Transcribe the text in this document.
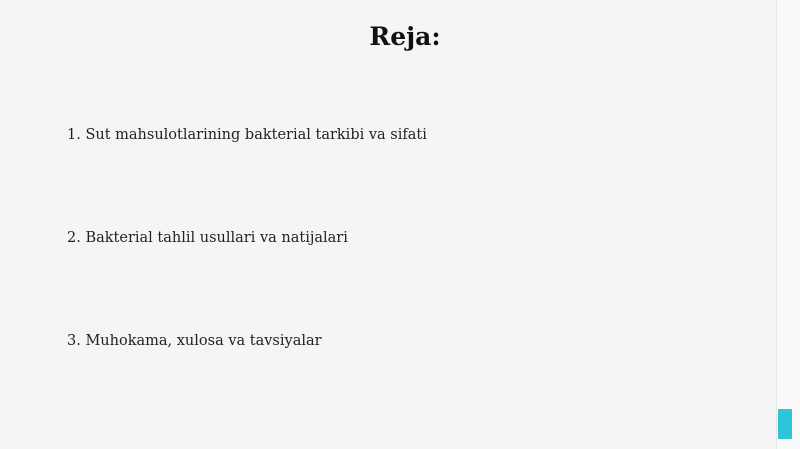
Reja:
1. Sut mahsulotlarining bakterial tarkibi va sifati
2. Bakterial tahlil usullari va natijalari
3. Muhokama, xulosa va tavsiyalar
